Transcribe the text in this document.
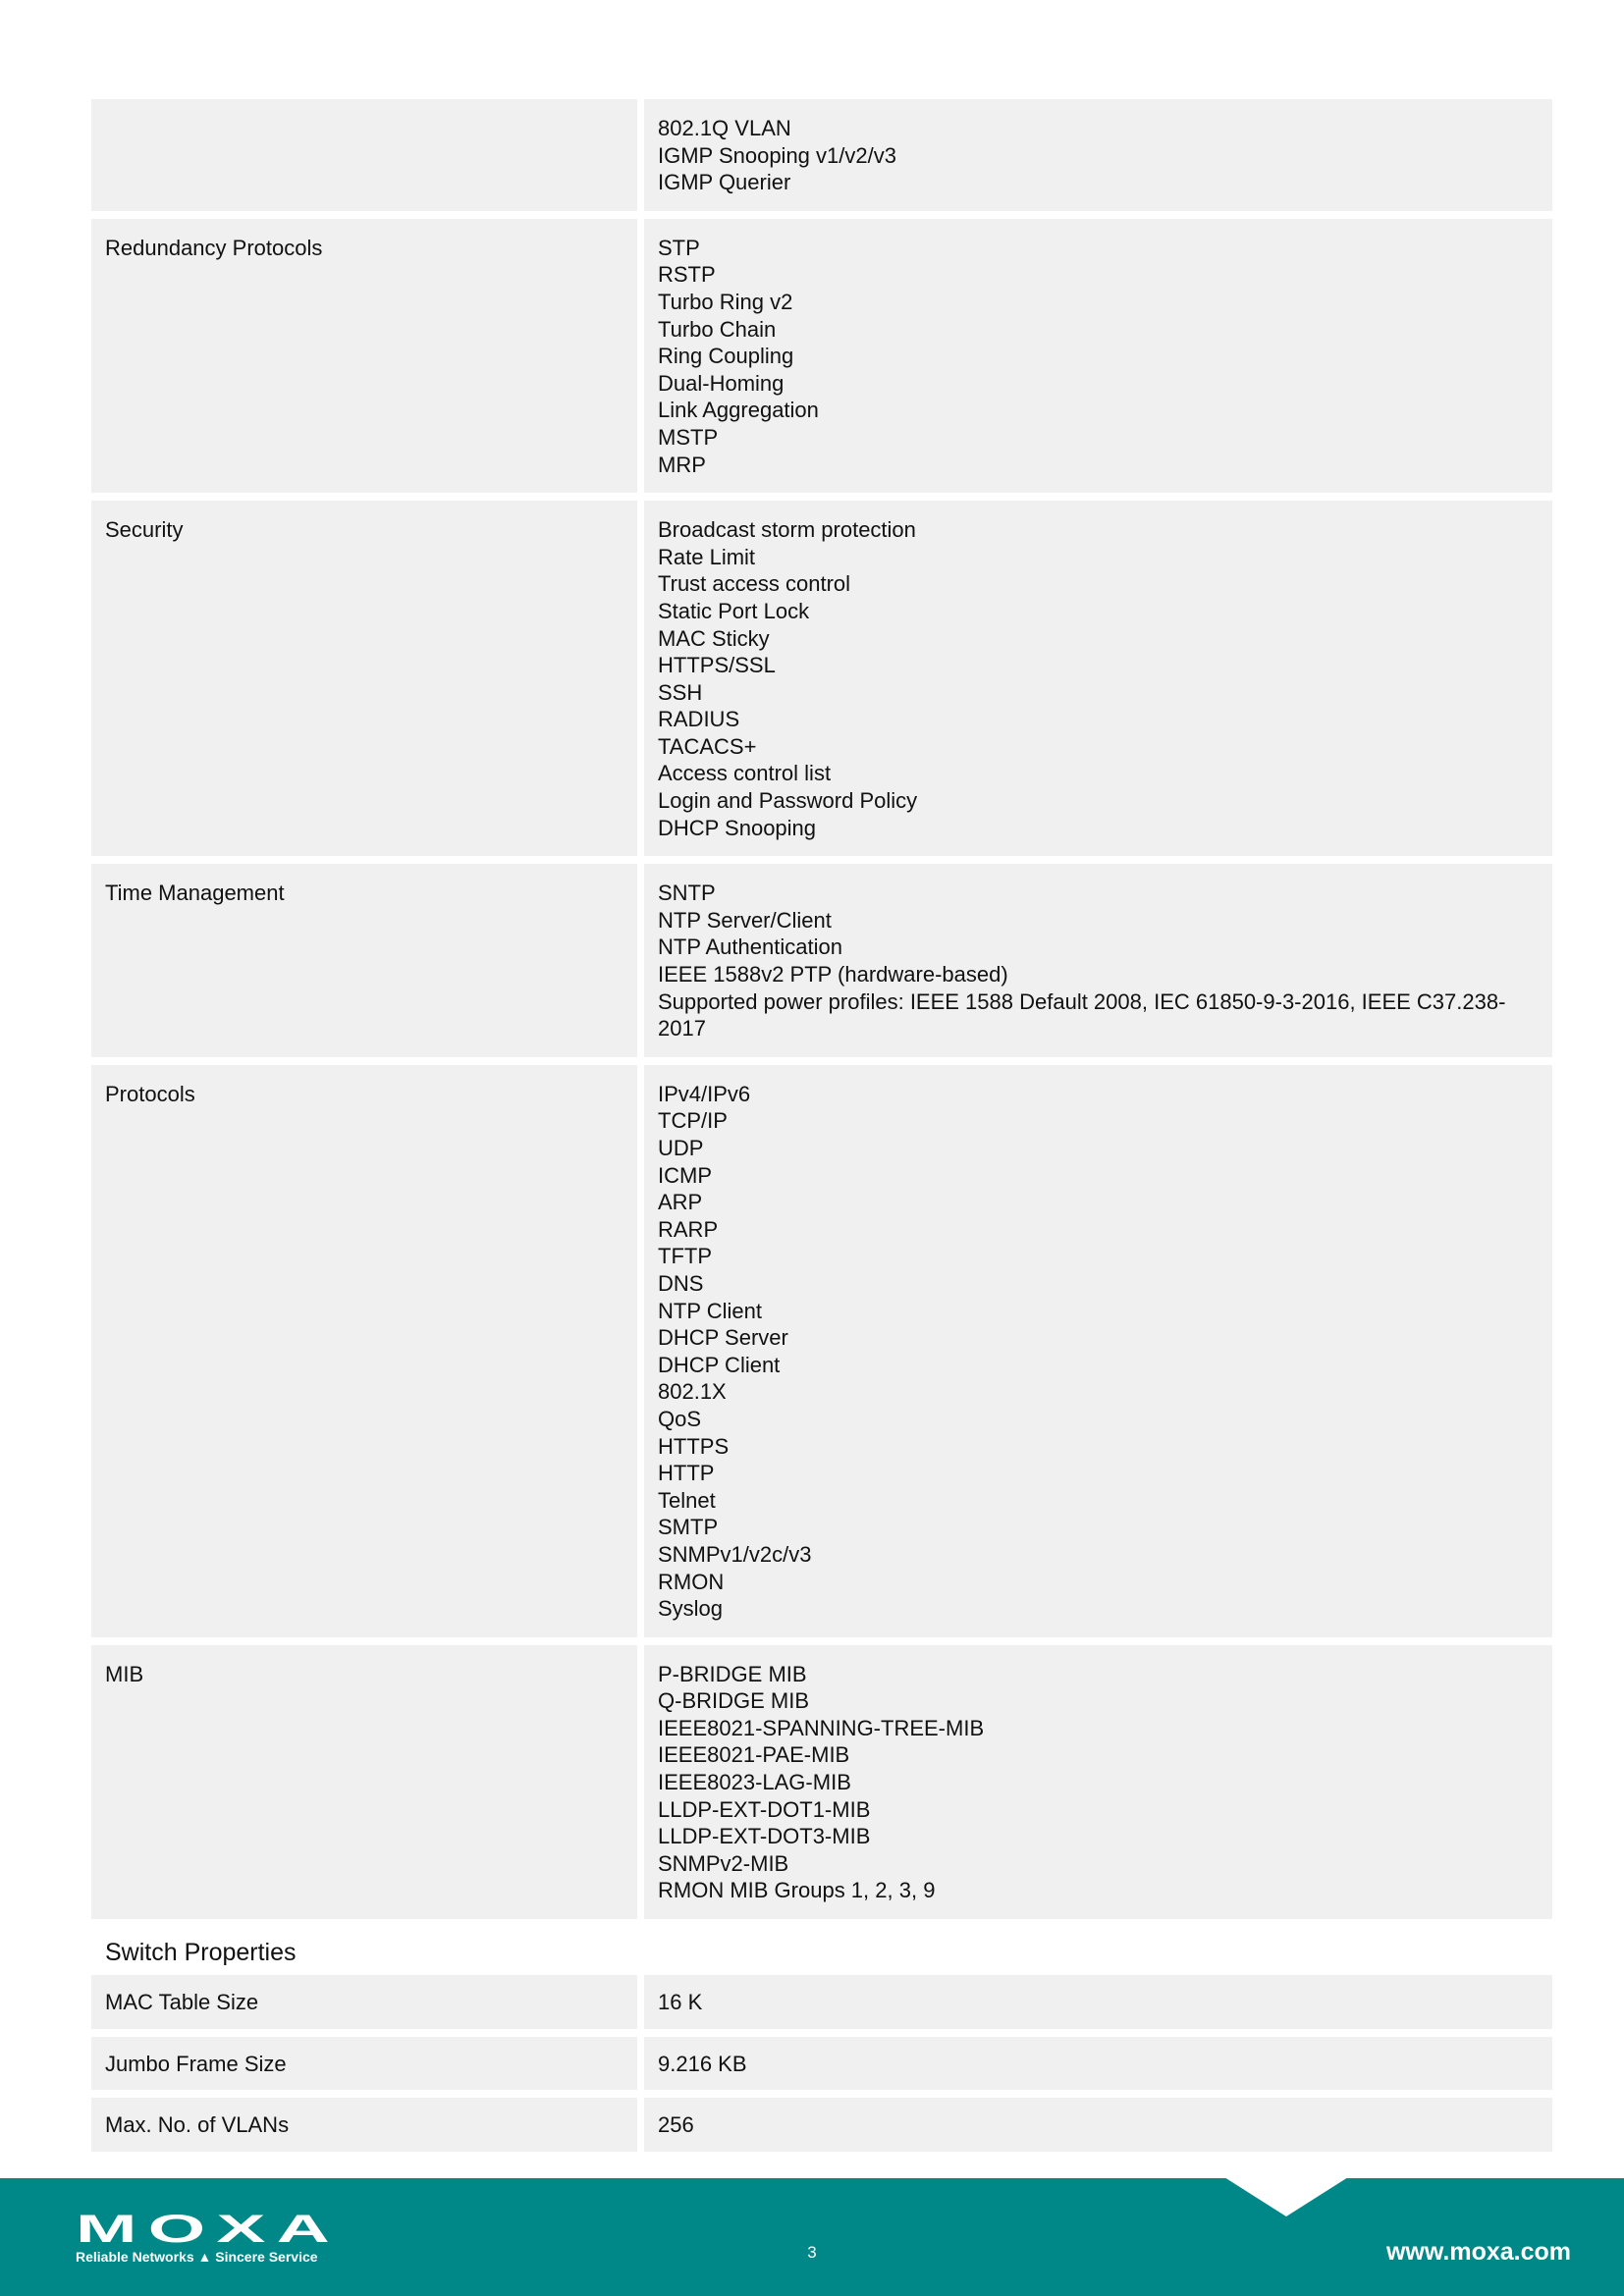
802.1Q VLAN
IGMP Snooping v1/v2/v3
IGMP Querier
Redundancy Protocols	STP
RSTP
Turbo Ring v2
Turbo Chain
Ring Coupling
Dual-Homing
Link Aggregation
MSTP
MRP
Security	Broadcast storm protection
Rate Limit
Trust access control
Static Port Lock
MAC Sticky
HTTPS/SSL
SSH
RADIUS
TACACS+
Access control list
Login and Password Policy
DHCP Snooping
Time Management	SNTP
NTP Server/Client
NTP Authentication
IEEE 1588v2 PTP (hardware-based)
Supported power profiles: IEEE 1588 Default 2008, IEC 61850-9-3-2016, IEEE C37.238-2017
Protocols	IPv4/IPv6
TCP/IP
UDP
ICMP
ARP
RARP
TFTP
DNS
NTP Client
DHCP Server
DHCP Client
802.1X
QoS
HTTPS
HTTP
Telnet
SMTP
SNMPv1/v2c/v3
RMON
Syslog
MIB	P-BRIDGE MIB
Q-BRIDGE MIB
IEEE8021-SPANNING-TREE-MIB
IEEE8021-PAE-MIB
IEEE8023-LAG-MIB
LLDP-EXT-DOT1-MIB
LLDP-EXT-DOT3-MIB
SNMPv2-MIB
RMON MIB Groups 1, 2, 3, 9
Switch Properties
MAC Table Size	16 K
Jumbo Frame Size	9.216 KB
Max. No. of VLANs	256
MOXA
Reliable Networks ▲ Sincere Service	3	www.moxa.com
